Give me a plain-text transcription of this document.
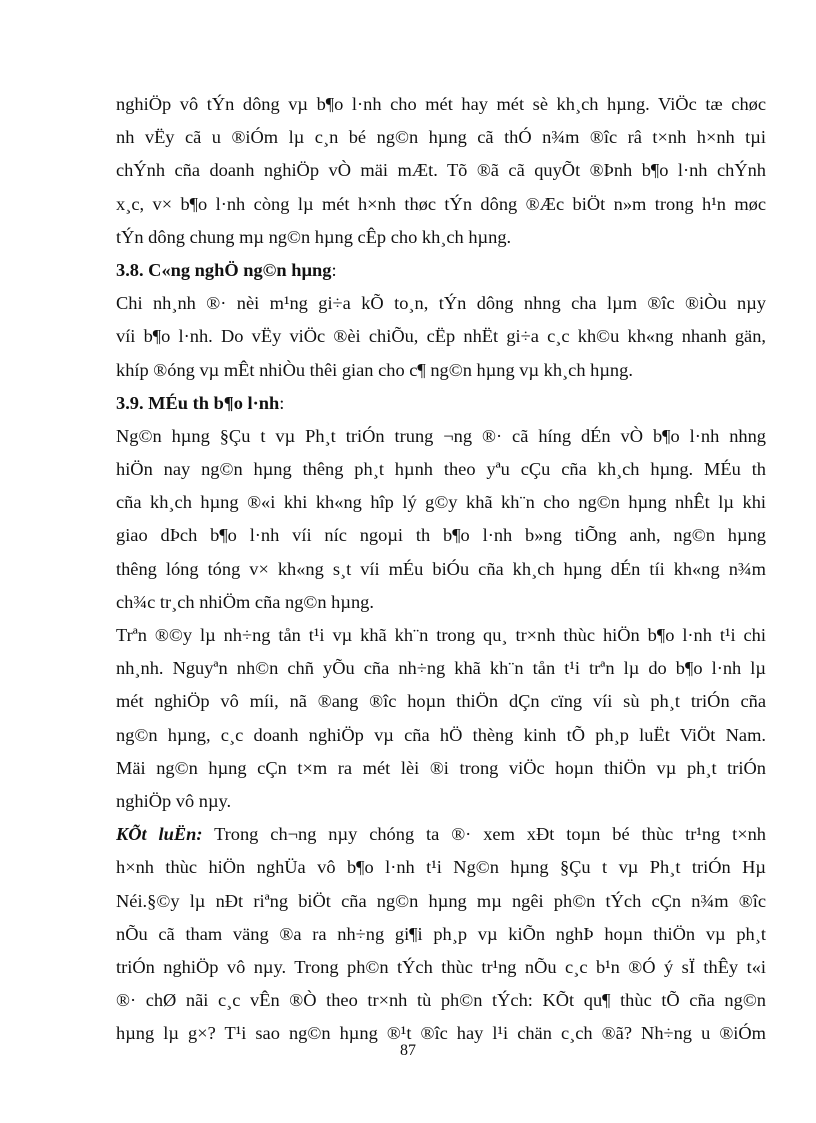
nghiÖp vô tÝn dông vµ b¶o l·nh cho mét hay mét sè kh¸ch hµng. ViÖc tæ chøc
nh vËy cã u ®iÓm lµ c¸n bé ng©n hµng cã thÓ n¾m ®îc râ t×nh h×nh tµi
chÝnh cña doanh nghiÖp vÒ mäi mÆt. Tõ ®ã cã quyÕt ®Þnh b¶o l·nh chÝnh
x¸c, v× b¶o l·nh còng lµ mét h×nh thøc tÝn dông ®Æc biÖt n»m trong h¹n møc
tÝn dông chung mµ ng©n hµng cÊp cho kh¸ch hµng.
3.8. C«ng nghÖ ng©n hµng:
Chi nh¸nh ®· nèi m¹ng gi÷a kÕ to¸n, tÝn dông nhng cha lµm ®îc ®iÒu nµy
víi b¶o l·nh. Do vËy viÖc ®èi chiÕu, cËp nhËt gi÷a c¸c kh©u kh«ng nhanh gän,
khíp ®óng vµ mÊt nhiÒu thêi gian cho c¶ ng©n hµng vµ kh¸ch hµng.
3.9. MÉu th b¶o l·nh:
Ng©n hµng §Çu t vµ Ph¸t triÓn trung ¬ng ®· cã híng dÉn vÒ b¶o l·nh nhng
hiÖn nay ng©n hµng thêng ph¸t hµnh theo yªu cÇu cña kh¸ch hµng. MÉu th
cña kh¸ch hµng ®«i khi kh«ng hîp lý g©y khã kh¨n cho ng©n hµng nhÊt lµ khi
giao dÞch b¶o l·nh víi níc ngoµi th b¶o l·nh b»ng tiÕng anh, ng©n hµng
thêng lóng tóng v× kh«ng s¸t víi mÉu biÓu cña kh¸ch hµng dÉn tíi kh«ng n¾m
ch¾c tr¸ch nhiÖm cña ng©n hµng.
Trªn ®©y lµ nh÷ng tån t¹i vµ khã kh¨n trong qu¸ tr×nh thùc hiÖn b¶o l·nh t¹i chi
nh¸nh. Nguyªn nh©n chñ yÕu cña nh÷ng khã kh¨n tån t¹i trªn lµ do b¶o l·nh lµ
mét nghiÖp vô míi, nã ®ang ®îc hoµn thiÖn dÇn cïng víi sù ph¸t triÓn cña
ng©n hµng, c¸c doanh nghiÖp vµ cña hÖ thèng kinh tÕ ph¸p luËt ViÖt Nam.
Mäi ng©n hµng cÇn t×m ra mét lèi ®i trong viÖc hoµn thiÖn vµ ph¸t triÓn
nghiÖp vô nµy.
KÕt luËn: Trong ch¬ng nµy chóng ta ®· xem xÐt toµn bé thùc tr¹ng t×nh
h×nh thùc hiÖn nghÜa vô b¶o l·nh t¹i Ng©n hµng §Çu t vµ Ph¸t triÓn Hµ
Néi.§©y lµ nÐt riªng biÖt cña ng©n hµng mµ ngêi ph©n tÝch cÇn n¾m ®îc
nÕu cã tham väng ®a ra nh÷ng gi¶i ph¸p vµ kiÕn nghÞ hoµn thiÖn vµ ph¸t
triÓn nghiÖp vô nµy. Trong ph©n tÝch thùc tr¹ng nÕu c¸c b¹n ®Ó ý sÏ thÊy t«i
®· chØ nãi c¸c vÊn ®Ò theo tr×nh tù ph©n tÝch: KÕt qu¶ thùc tÕ cña ng©n
hµng lµ g×? T¹i sao ng©n hµng ®¹t ®îc hay l¹i chän c¸ch ®ã? Nh÷ng u ®iÓm
87
